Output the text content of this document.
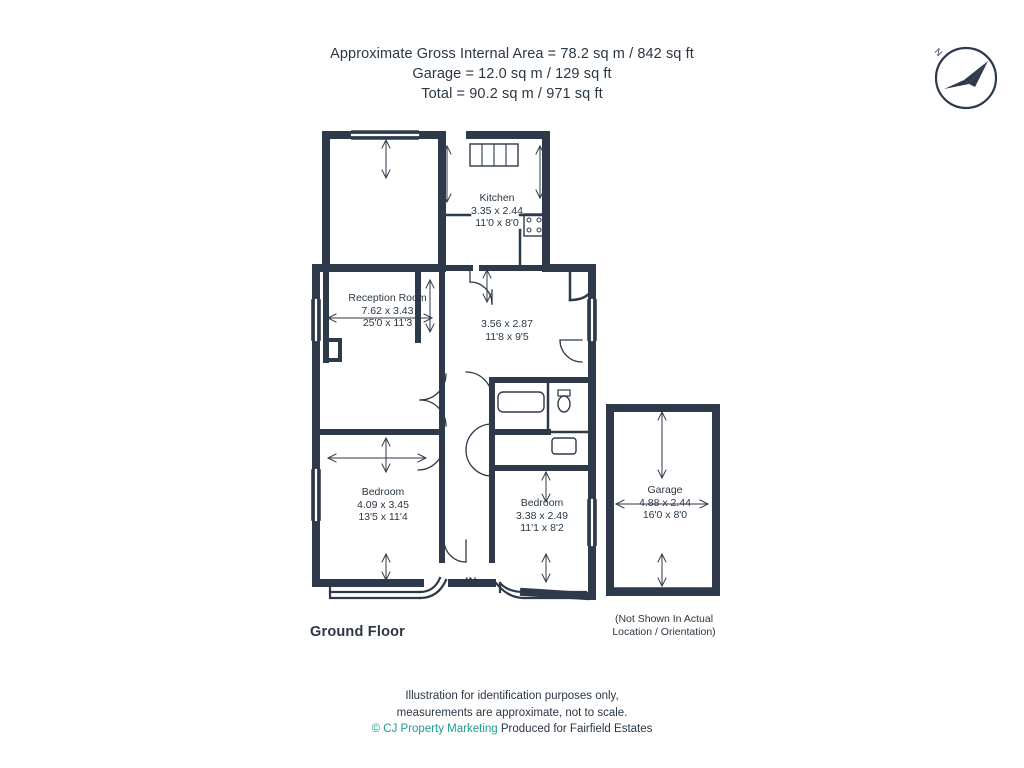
Approximate Gross Internal Area = 78.2 sq m / 842 sq ft
Garage = 12.0 sq m / 129 sq ft
Total = 90.2 sq m / 971 sq ft
N
Kitchen
3.35 x 2.44
11'0 x 8'0
Reception Room
7.62 x 3.43
25'0 x 11'3	3.56 x 2.87
11'8 x 9'5
Bedroom
4.09 x 3.45
13'5 x 11'4
Bedroom
3.38 x 2.49
11'1 x 8'2
Garage
4.88 x 2.44
16'0 x 8'0
IN
Ground Floor
(Not Shown In Actual
Location / Orientation)
Illustration for identification purposes only,
measurements are approximate, not to scale.
© CJ Property Marketing Produced for Fairfield Estates
